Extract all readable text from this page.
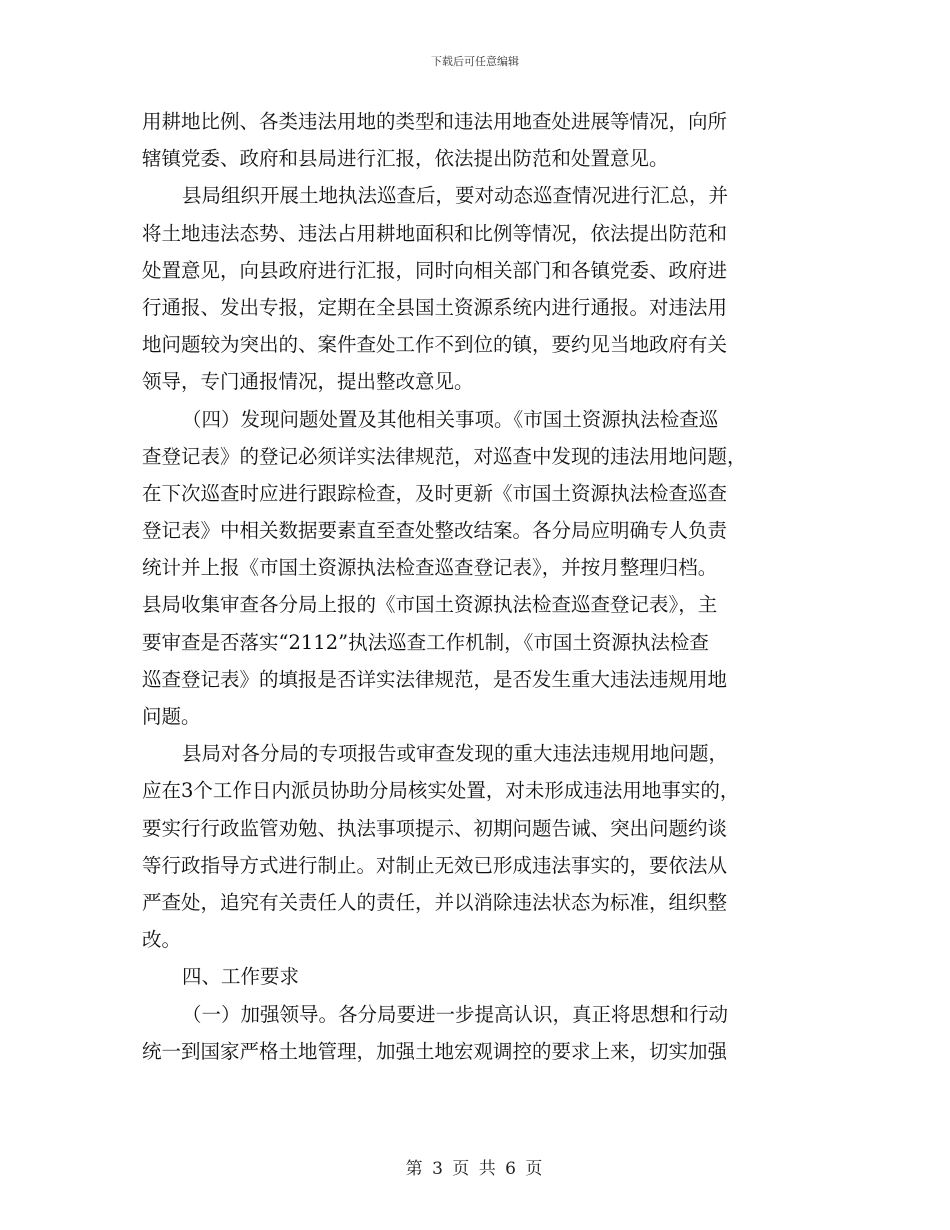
下载后可任意编辑
用耕地比例、各类违法用地的类型和违法用地查处进展等情况，向所
辖镇党委、政府和县局进行汇报，依法提出防范和处置意见。
县局组织开展土地执法巡查后，要对动态巡查情况进行汇总，并
将土地违法态势、违法占用耕地面积和比例等情况，依法提出防范和
处置意见，向县政府进行汇报，同时向相关部门和各镇党委、政府进
行通报、发出专报，定期在全县国土资源系统内进行通报。对违法用
地问题较为突出的、案件查处工作不到位的镇，要约见当地政府有关
领导，专门通报情况，提出整改意见。
（四）发现问题处置及其他相关事项。《市国土资源执法检查巡
查登记表》的登记必须详实法律规范，对巡查中发现的违法用地问题，
在下次巡查时应进行跟踪检查，及时更新《市国土资源执法检查巡查
登记表》中相关数据要素直至查处整改结案。各分局应明确专人负责
统计并上报《市国土资源执法检查巡查登记表》，并按月整理归档。
县局收集审查各分局上报的《市国土资源执法检查巡查登记表》，主
要审查是否落实“2112”执法巡查工作机制，《市国土资源执法检查
巡查登记表》的填报是否详实法律规范，是否发生重大违法违规用地
问题。
县局对各分局的专项报告或审查发现的重大违法违规用地问题，
应在3个工作日内派员协助分局核实处置，对未形成违法用地事实的，
要实行行政监管劝勉、执法事项提示、初期问题告诫、突出问题约谈
等行政指导方式进行制止。对制止无效已形成违法事实的，要依法从
严查处，追究有关责任人的责任，并以消除违法状态为标准，组织整
改。
四、工作要求
（一）加强领导。各分局要进一步提高认识，真正将思想和行动
统一到国家严格土地管理，加强土地宏观调控的要求上来，切实加强
第 3 页 共 6 页
